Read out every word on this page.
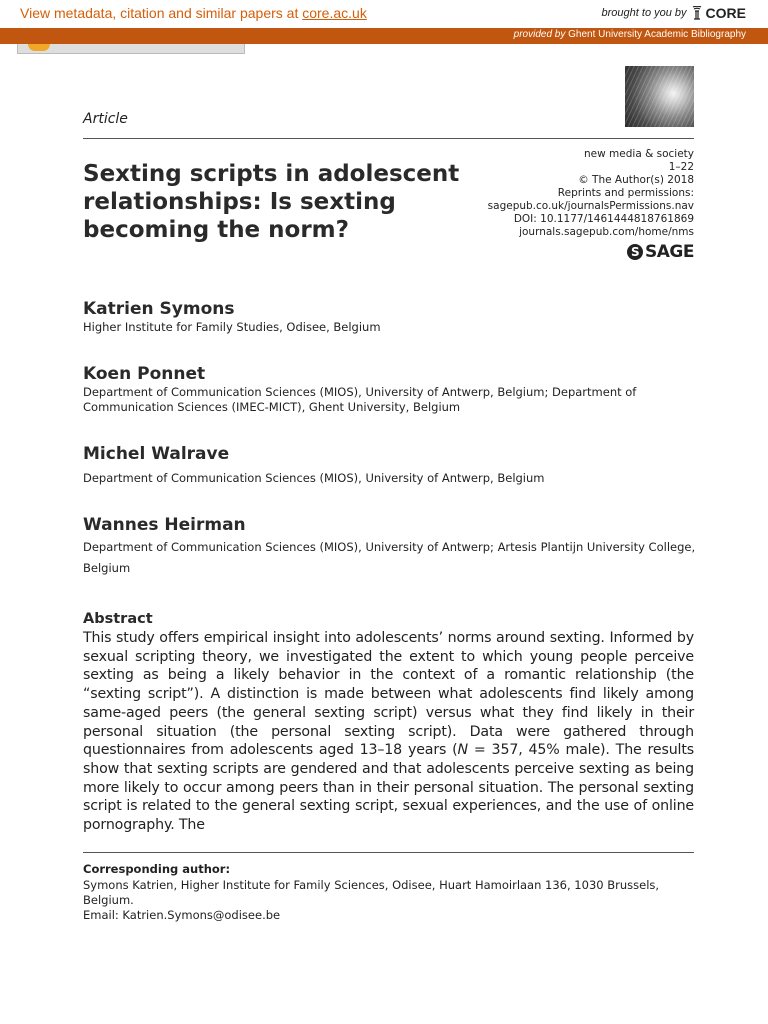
View metadata, citation and similar papers at core.ac.uk	brought to you by CORE
provided by Ghent University Academic Bibliography
Article
Sexting scripts in adolescent relationships: Is sexting becoming the norm?
new media & society
1–22
© The Author(s) 2018
Reprints and permissions:
sagepub.co.uk/journalsPermissions.nav
DOI: 10.1177/1461444818761869
journals.sagepub.com/home/nms
S SAGE
Katrien Symons
Higher Institute for Family Studies, Odisee, Belgium
Koen Ponnet
Department of Communication Sciences (MIOS), University of Antwerp, Belgium; Department of Communication Sciences (IMEC-MICT), Ghent University, Belgium
Michel Walrave
Department of Communication Sciences (MIOS), University of Antwerp, Belgium
Wannes Heirman
Department of Communication Sciences (MIOS), University of Antwerp; Artesis Plantijn University College, Belgium
Abstract
This study offers empirical insight into adolescents’ norms around sexting. Informed by sexual scripting theory, we investigated the extent to which young people perceive sexting as being a likely behavior in the context of a romantic relationship (the “sexting script”). A distinction is made between what adolescents find likely among same-aged peers (the general sexting script) versus what they find likely in their personal situation (the personal sexting script). Data were gathered through questionnaires from adolescents aged 13–18 years (N = 357, 45% male). The results show that sexting scripts are gendered and that adolescents perceive sexting as being more likely to occur among peers than in their personal situation. The personal sexting script is related to the general sexting script, sexual experiences, and the use of online pornography. The
Corresponding author:
Symons Katrien, Higher Institute for Family Sciences, Odisee, Huart Hamoirlaan 136, 1030 Brussels, Belgium.
Email: Katrien.Symons@odisee.be
